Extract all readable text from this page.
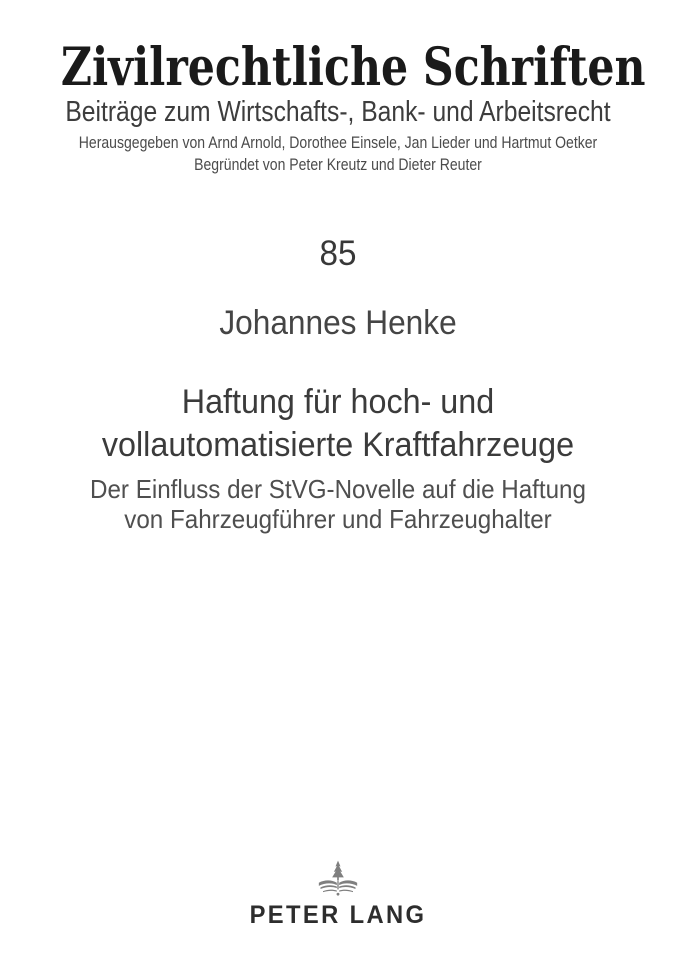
Zivilrechtliche Schriften
Beiträge zum Wirtschafts-, Bank- und Arbeitsrecht

Herausgegeben von Arnd Arnold, Dorothee Einsele, Jan Lieder und Hartmut Oetker

Begründet von Peter Kreutz und Dieter Reuter

85
Johannes Henke
Haftung für hoch- und
vollautomatisierte Kraftfahrzeuge
Der Einfluss der StVG-Novelle auf die Haftung
von Fahrzeugführer und Fahrzeughalter
PETER LANG
